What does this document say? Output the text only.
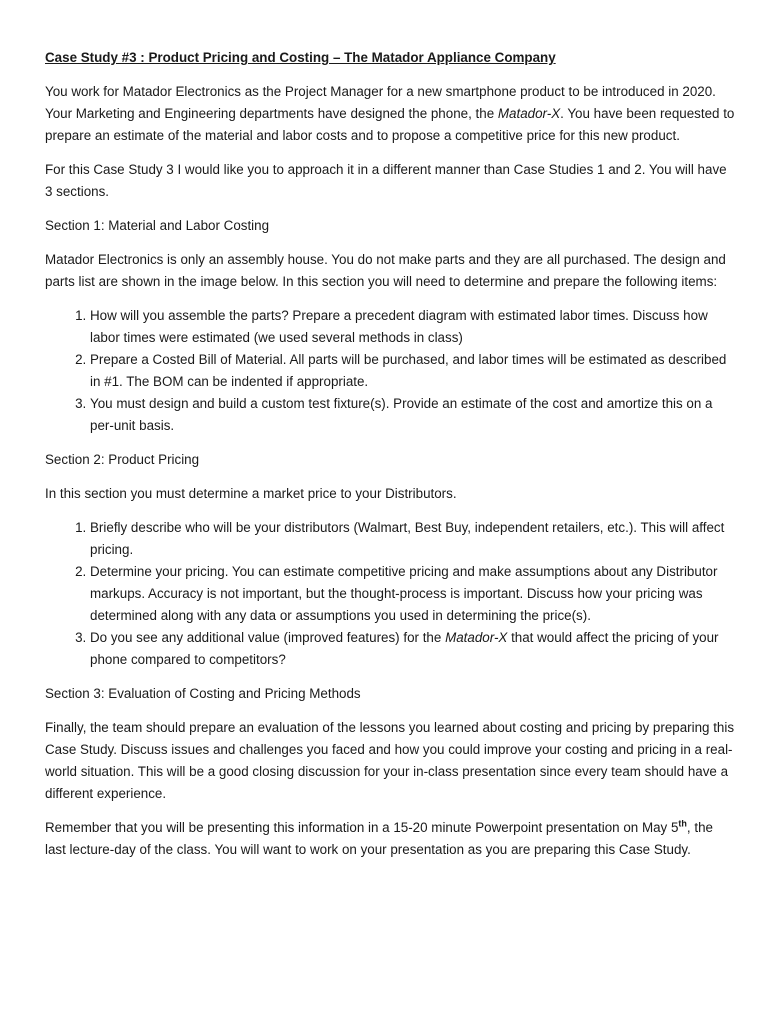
Case Study #3 : Product Pricing and Costing – The Matador Appliance Company

You work for Matador Electronics as the Project Manager for a new smartphone product to be introduced in 2020. Your Marketing and Engineering departments have designed the phone, the Matador-X. You have been requested to prepare an estimate of the material and labor costs and to propose a competitive price for this new product.

For this Case Study 3 I would like you to approach it in a different manner than Case Studies 1 and 2. You will have 3 sections.

Section 1: Material and Labor Costing

Matador Electronics is only an assembly house. You do not make parts and they are all purchased. The design and parts list are shown in the image below. In this section you will need to determine and prepare the following items:

1. How will you assemble the parts? Prepare a precedent diagram with estimated labor times. Discuss how labor times were estimated (we used several methods in class)
2. Prepare a Costed Bill of Material. All parts will be purchased, and labor times will be estimated as described in #1. The BOM can be indented if appropriate.
3. You must design and build a custom test fixture(s). Provide an estimate of the cost and amortize this on a per-unit basis.
Section 2: Product Pricing

In this section you must determine a market price to your Distributors.

1. Briefly describe who will be your distributors (Walmart, Best Buy, independent retailers, etc.). This will affect pricing.
2. Determine your pricing. You can estimate competitive pricing and make assumptions about any Distributor markups. Accuracy is not important, but the thought-process is important. Discuss how your pricing was determined along with any data or assumptions you used in determining the price(s).
3. Do you see any additional value (improved features) for the Matador-X that would affect the pricing of your phone compared to competitors?
Section 3: Evaluation of Costing and Pricing Methods

Finally, the team should prepare an evaluation of the lessons you learned about costing and pricing by preparing this Case Study. Discuss issues and challenges you faced and how you could improve your costing and pricing in a real-world situation. This will be a good closing discussion for your in-class presentation since every team should have a different experience.

Remember that you will be presenting this information in a 15-20 minute Powerpoint presentation on May 5th, the last lecture-day of the class. You will want to work on your presentation as you are preparing this Case Study.
